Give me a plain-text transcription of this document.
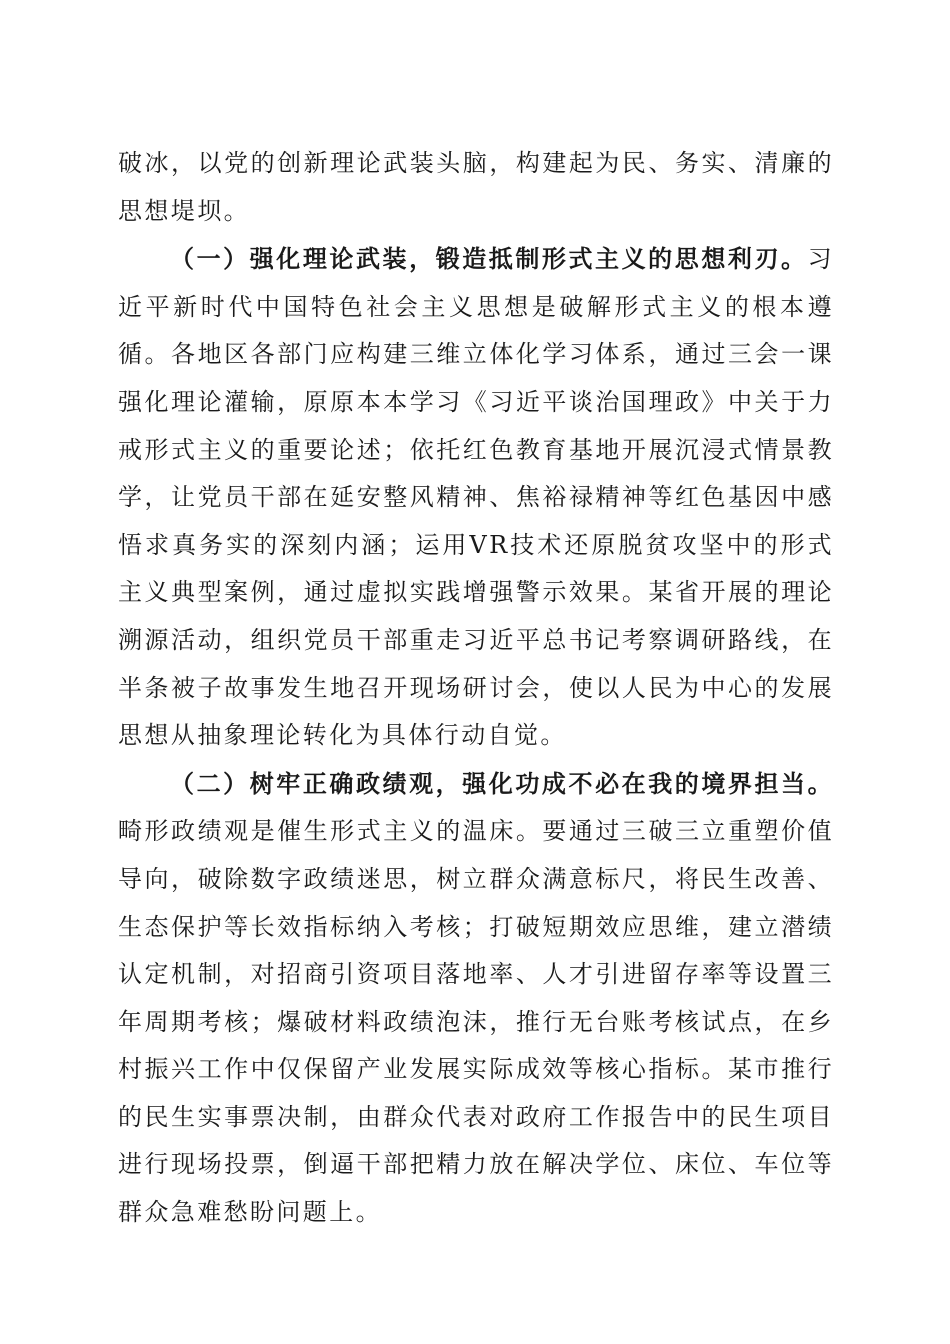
破冰，以党的创新理论武装头脑，构建起为民、务实、清廉的思想堤坝。

（一）强化理论武装，锻造抵制形式主义的思想利刃。习近平新时代中国特色社会主义思想是破解形式主义的根本遵循。各地区各部门应构建三维立体化学习体系，通过三会一课强化理论灌输，原原本本学习《习近平谈治国理政》中关于力戒形式主义的重要论述；依托红色教育基地开展沉浸式情景教学，让党员干部在延安整风精神、焦裕禄精神等红色基因中感悟求真务实的深刻内涵；运用VR技术还原脱贫攻坚中的形式主义典型案例，通过虚拟实践增强警示效果。某省开展的理论溯源活动，组织党员干部重走习近平总书记考察调研路线，在半条被子故事发生地召开现场研讨会，使以人民为中心的发展思想从抽象理论转化为具体行动自觉。

（二）树牢正确政绩观，强化功成不必在我的境界担当。畸形政绩观是催生形式主义的温床。要通过三破三立重塑价值导向，破除数字政绩迷思，树立群众满意标尺，将民生改善、生态保护等长效指标纳入考核；打破短期效应思维，建立潜绩认定机制，对招商引资项目落地率、人才引进留存率等设置三年周期考核；爆破材料政绩泡沫，推行无台账考核试点，在乡村振兴工作中仅保留产业发展实际成效等核心指标。某市推行的民生实事票决制，由群众代表对政府工作报告中的民生项目进行现场投票，倒逼干部把精力放在解决学位、床位、车位等群众急难愁盼问题上。
